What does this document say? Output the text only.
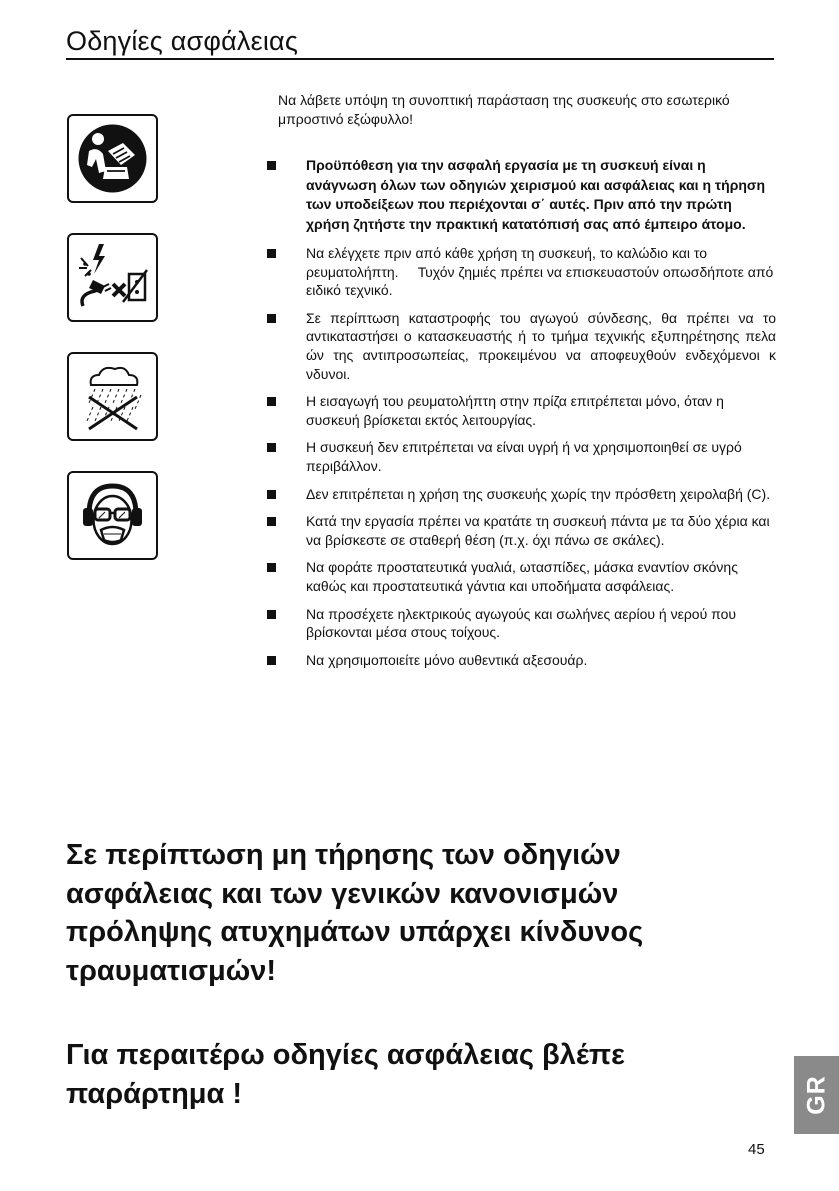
Οδηγίες ασφάλειας

Να λάβετε υπόψη τη συνοπτική παράσταση της συσκευής στο εσωτερικό μπροστινό εξώφυλλο!

Προϋπόθεση για την ασφαλή εργασία με τη συσκευή είναι η ανάγνωση όλων των οδηγιών χειρισμού και ασφάλειας και η τήρηση των υποδείξεων που περιέχονται σ΄ αυτές. Πριν από την πρώτη χρήση ζητήστε την πρακτική κατατόπισή σας από έμπειρο άτομο.
Να ελέγχετε πριν από κάθε χρήση τη συσκευή, το καλώδιο και το ρευματολήπτη.     Τυχόν ζημιές πρέπει να επισκευαστούν οπωσδήποτε από ειδικό τεχνικό.
Σε περίπτωση καταστροφής του αγωγού σύνδεσης, θα πρέπει να το αντικαταστήσει ο κατασκευαστής ή το τμήμα τεχνικής εξυπηρέτησης πελα ών της αντιπροσωπείας, προκειμένου να αποφευχθούν ενδεχόμενοι κ νδυνοι.
Η εισαγωγή του ρευματολήπτη στην πρίζα επιτρέπεται μόνο, όταν η συσκευή βρίσκεται εκτός λειτουργίας.
Η συσκευή δεν επιτρέπεται να είναι υγρή ή να χρησιμοποιηθεί σε υγρό περιβάλλον.
Δεν επιτρέπεται η χρήση της συσκευής χωρίς την πρόσθετη χειρολαβή (C).
Κατά την εργασία πρέπει να κρατάτε τη συσκευή πάντα με τα δύο χέρια και να βρίσκεστε σε σταθερή θέση (π.χ. όχι πάνω σε σκάλες).
Να φοράτε προστατευτικά γυαλιά, ωτασπίδες, μάσκα εναντίον σκόνης καθώς και προστατευτικά γάντια και υποδήματα ασφάλειας.
Να προσέχετε ηλεκτρικούς αγωγούς και σωλήνες αερίου ή νερού που βρίσκονται μέσα στους τοίχους.
Να χρησιμοποιείτε μόνο αυθεντικά αξεσουάρ.

Σε περίπτωση μη τήρησης των οδηγιών ασφάλειας και των γενικών κανονισμών πρόληψης ατυχημάτων υπάρχει κίνδυνος τραυματισμών!

Για περαιτέρω οδηγίες ασφάλειας βλέπε παράρτημα !	GR
45
